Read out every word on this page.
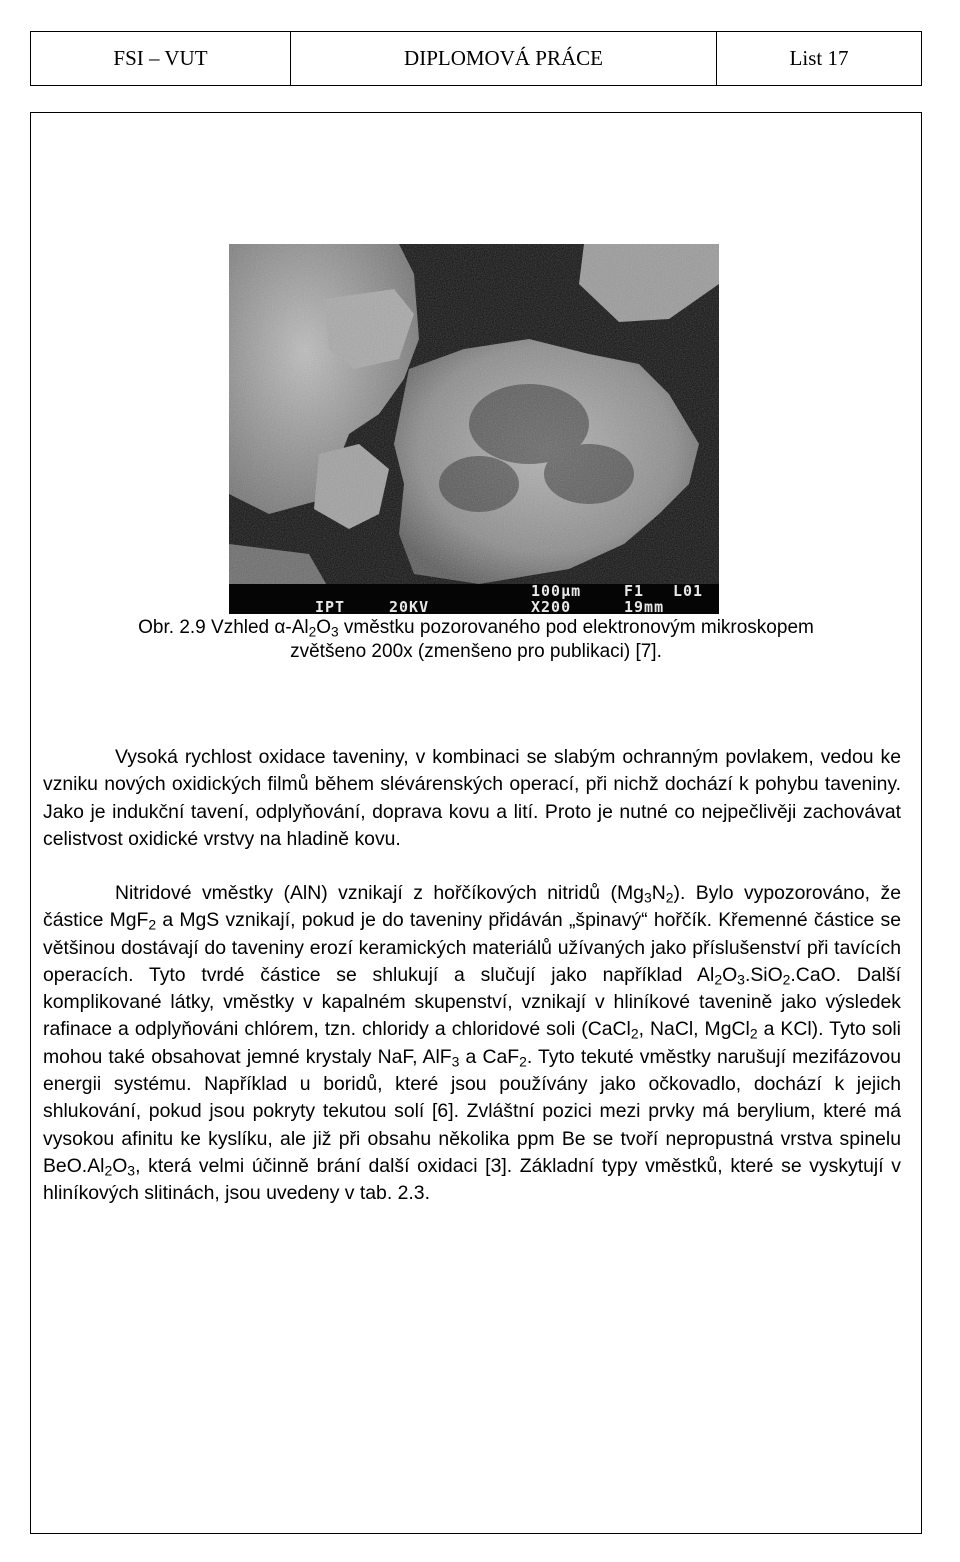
FSI – VUT	DIPLOMOVÁ PRÁCE	List 17
100μm	F1 L01
IPT	20KV	X200	19mm
Obr. 2.9 Vzhled $\alpha-Al_2O_3$ vměstku pozorovaného pod elektronovým mikroskopem
zvětšeno 200x (zmenšeno pro publikaci) [7].

Vysoká rychlost oxidace taveniny, v kombinaci se slabým ochranným povlakem, vedou ke vzniku nových oxidických filmů během slévárenských operací, při nichž dochází k pohybu taveniny. Jako je indukční tavení, odplyňování, doprava kovu a lití. Proto je nutné co nejpečlivěji zachovávat celistvost oxidické vrstvy na hladině kovu.

Nitridové vměstky (AlN) vznikají z hořčíkových nitridů $(Mg_3N_2)$. Bylo vypozorováno, že částice MgF$_2$ a MgS vznikají, pokud je do taveniny přidáván „špinavý“ hořčík. Křemenné částice se většinou dostávají do taveniny erozí keramických materiálů užívaných jako příslušenství při tavících operacích. Tyto tvrdé částice se shlukují a slučují jako například $Al_2O_3.SiO_2.CaO$. Další komplikované látky, vměstky v kapalném skupenství, vznikají v hliníkové tavenině jako výsledek rafinace a odplyňováni chlórem, tzn. chloridy a chloridové soli (CaCl$_2$, NaCl, MgCl$_2$ a KCl). Tyto soli mohou také obsahovat jemné krystaly NaF, AlF$_3$ a CaF$_2$. Tyto tekuté vměstky narušují mezifázovou energii systému. Například u boridů, které jsou používány jako očkovadlo, dochází k jejich shlukování, pokud jsou pokryty tekutou solí [6]. Zvláštní pozici mezi prvky má berylium, které má vysokou afinitu ke kyslíku, ale již při obsahu několika ppm Be se tvoří nepropustná vrstva spinelu $BeO.Al_2O_3$, která velmi účinně brání další oxidaci [3]. Základní typy vměstků, které se vyskytují v hliníkových slitinách, jsou uvedeny v tab. 2.3.
